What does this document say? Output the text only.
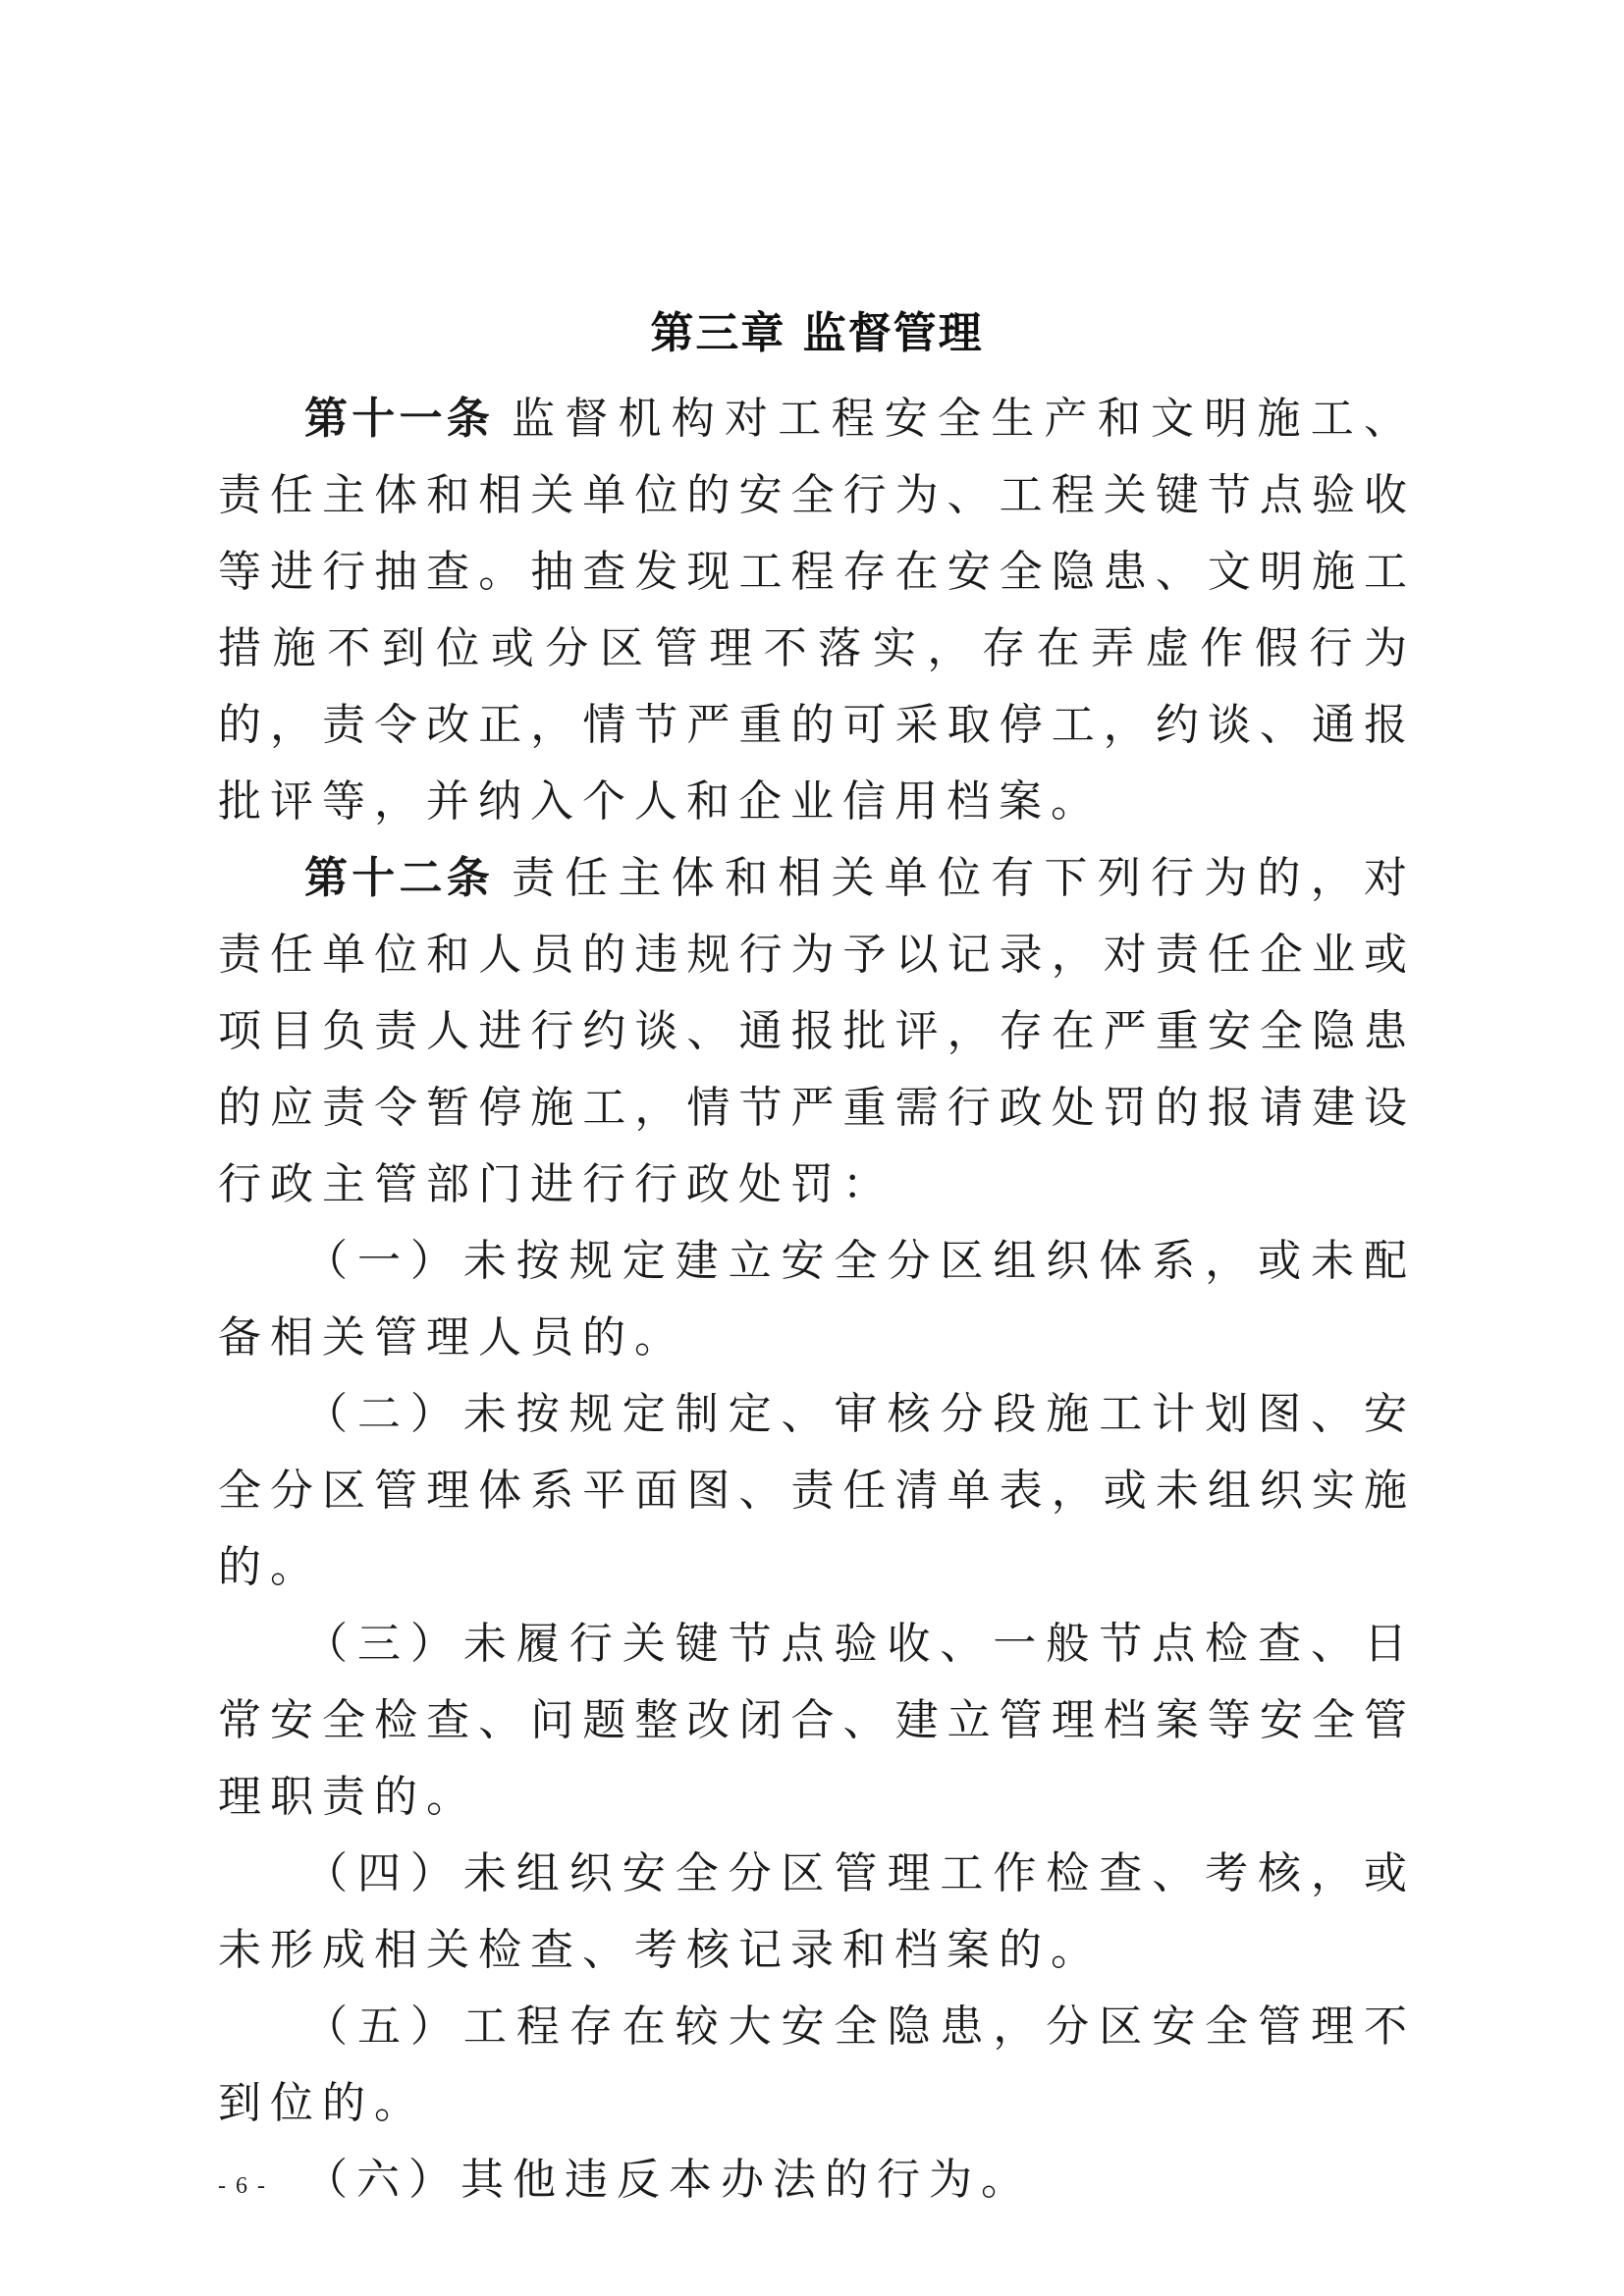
第三章 监督管理

第十一条 监督机构对工程安全生产和文明施工、责任主体和相关单位的安全行为、工程关键节点验收等进行抽查。抽查发现工程存在安全隐患、文明施工措施不到位或分区管理不落实，存在弄虚作假行为的，责令改正，情节严重的可采取停工，约谈、通报批评等，并纳入个人和企业信用档案。

第十二条 责任主体和相关单位有下列行为的，对责任单位和人员的违规行为予以记录，对责任企业或项目负责人进行约谈、通报批评，存在严重安全隐患的应责令暂停施工，情节严重需行政处罚的报请建设行政主管部门进行行政处罚：

（一）未按规定建立安全分区组织体系，或未配备相关管理人员的。

（二）未按规定制定、审核分段施工计划图、安全分区管理体系平面图、责任清单表，或未组织实施的。

（三）未履行关键节点验收、一般节点检查、日常安全检查、问题整改闭合、建立管理档案等安全管理职责的。

（四）未组织安全分区管理工作检查、考核，或未形成相关检查、考核记录和档案的。

（五）工程存在较大安全隐患，分区安全管理不到位的。

（六）其他违反本办法的行为。

- 6 -
